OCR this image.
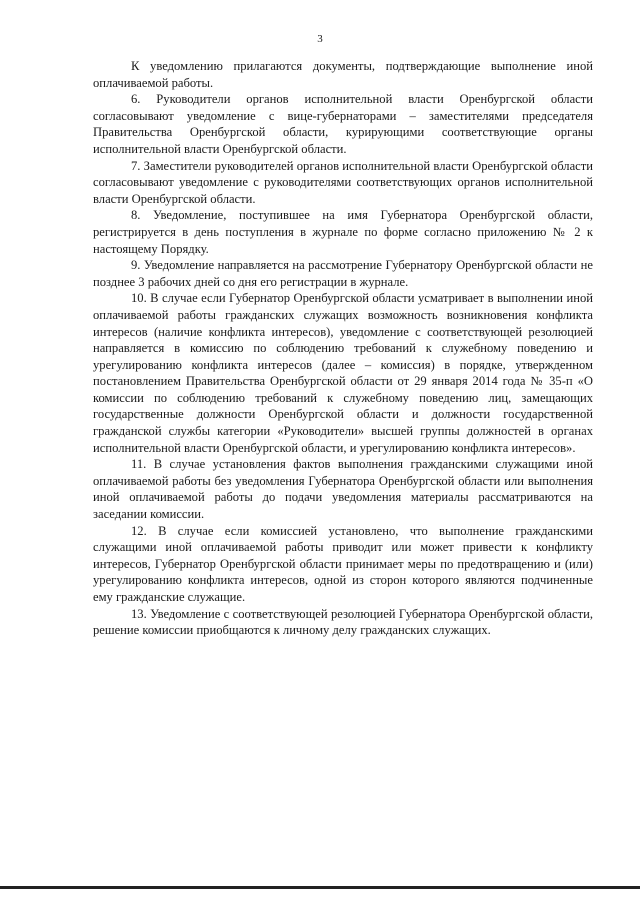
3

К уведомлению прилагаются документы, подтверждающие выполнение иной оплачиваемой работы.

6. Руководители органов исполнительной власти Оренбургской области согласовывают уведомление с вице-губернаторами – заместителями председателя Правительства Оренбургской области, курирующими соответствующие органы исполнительной власти Оренбургской области.

7. Заместители руководителей органов исполнительной власти Оренбургской области согласовывают уведомление с руководителями соответствующих органов исполнительной власти Оренбургской области.

8. Уведомление, поступившее на имя Губернатора Оренбургской области, регистрируется в день поступления в журнале по форме согласно приложению № 2 к настоящему Порядку.

9. Уведомление направляется на рассмотрение Губернатору Оренбургской области не позднее 3 рабочих дней со дня его регистрации в журнале.

10. В случае если Губернатор Оренбургской области усматривает в выполнении иной оплачиваемой работы гражданских служащих возможность возникновения конфликта интересов (наличие конфликта интересов), уведомление с соответствующей резолюцией направляется в комиссию по соблюдению требований к служебному поведению и урегулированию конфликта интересов (далее – комиссия) в порядке, утвержденном постановлением Правительства Оренбургской области от 29 января 2014 года № 35-п «О комиссии по соблюдению требований к служебному поведению лиц, замещающих государственные должности Оренбургской области и должности государственной гражданской службы категории «Руководители» высшей группы должностей в органах исполнительной власти Оренбургской области, и урегулированию конфликта интересов».

11. В случае установления фактов выполнения гражданскими служащими иной оплачиваемой работы без уведомления Губернатора Оренбургской области или выполнения иной оплачиваемой работы до подачи уведомления материалы рассматриваются на заседании комиссии.

12. В случае если комиссией установлено, что выполнение гражданскими служащими иной оплачиваемой работы приводит или может привести к конфликту интересов, Губернатор Оренбургской области принимает меры по предотвращению и (или) урегулированию конфликта интересов, одной из сторон которого являются подчиненные ему гражданские служащие.

13. Уведомление с соответствующей резолюцией Губернатора Оренбургской области, решение комиссии приобщаются к личному делу гражданских служащих.
